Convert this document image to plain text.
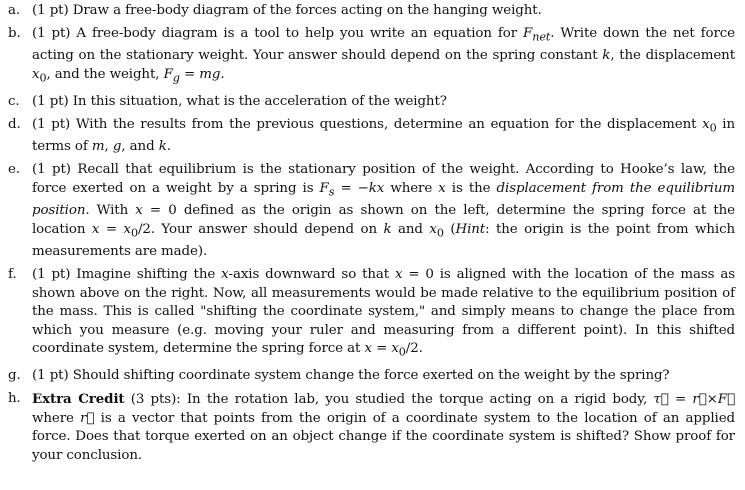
a. (1 pt) Draw a free-body diagram of the forces acting on the hanging weight.
b. (1 pt) A free-body diagram is a tool to help you write an equation for $F_{net}$. Write down the net force acting on the stationary weight. Your answer should depend on the spring constant k, the displacement $x_0$, and the weight, $F_g$ = mg.
c. (1 pt) In this situation, what is the acceleration of the weight?
d. (1 pt) With the results from the previous questions, determine an equation for the displacement $x_0$ in terms of m, g, and k.
e. (1 pt) Recall that equilibrium is the stationary position of the weight. According to Hooke’s law, the force exerted on a weight by a spring is $F_s = -kx$ where x is the displacement from the equilibrium position. With x = 0 defined as the origin as shown on the left, determine the spring force at the location $x = x_0/2$. Your answer should depend on k and $x_0$ (Hint: the origin is the point from which measurements are made).
f.	(1 pt) Imagine shifting the x-axis downward so that x = 0 is aligned with the location of the mass as shown above on the right. Now, all measurements would be made relative to the equilibrium position of the mass. This is called "shifting the coordinate system," and simply means to change the place from which you measure (e.g. moving your ruler and measuring from a different point). In this shifted coordinate system, determine the spring force at $x = x_0/2$.
g. (1 pt) Should shifting coordinate system change the force exerted on the weight by the spring?
h. Extra Credit (3 pts): In the rotation lab, you studied the torque acting on a rigid body, τ⃗ = r⃗×F⃗ where r⃗ is a vector that points from the origin of a coordinate system to the location of an applied force. Does that torque exerted on an object change if the coordinate system is shifted? Show proof for your conclusion.
